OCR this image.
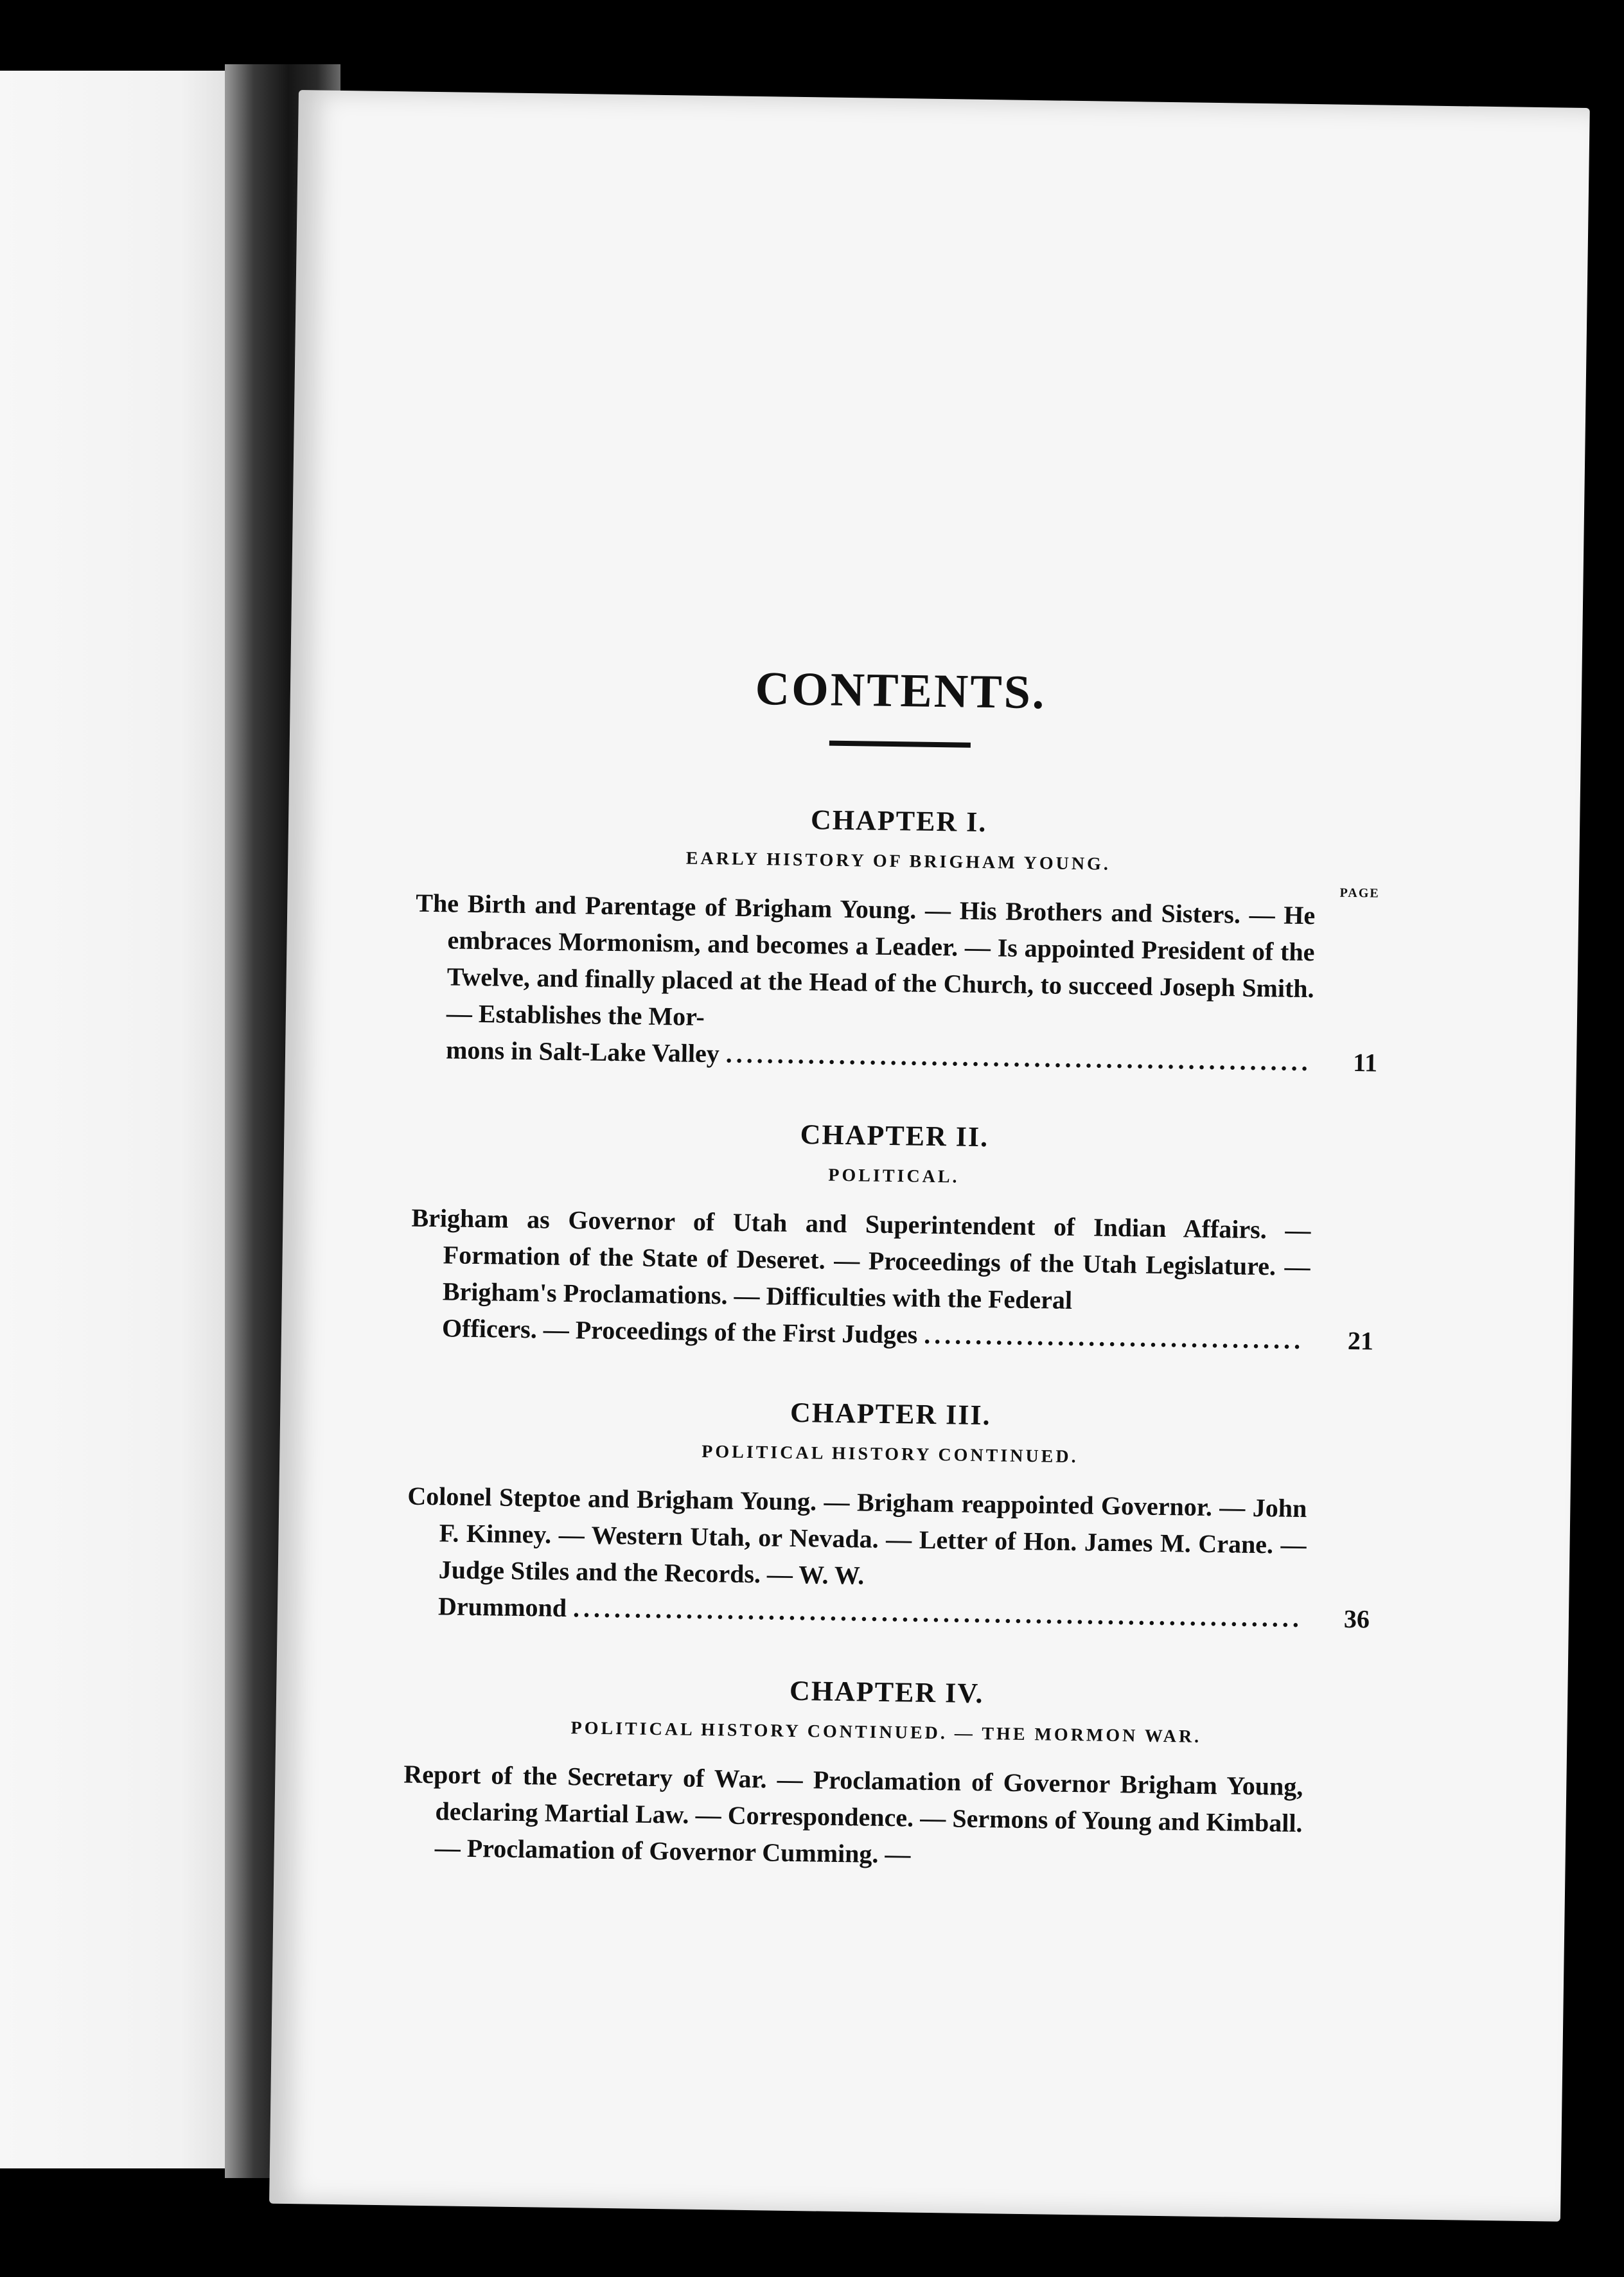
CONTENTS.
CHAPTER I.
EARLY HISTORY OF BRIGHAM YOUNG.
PAGE
The Birth and Parentage of Brigham Young. — His Brothers and Sisters. — He embraces Mormonism, and becomes a Leader. — Is appointed President of the Twelve, and finally placed at the Head of the Church, to succeed Joseph Smith. — Establishes the Mor-
mons in Salt-Lake Valley . . .	11
CHAPTER II.
POLITICAL.
Brigham as Governor of Utah and Superintendent of Indian Affairs. — Formation of the State of Deseret. — Proceedings of the Utah Legislature. — Brigham's Proclamations. — Difficulties with the Federal
Officers. — Proceedings of the First Judges . . .	21
CHAPTER III.
POLITICAL HISTORY CONTINUED.
Colonel Steptoe and Brigham Young. — Brigham reappointed Governor. — John F. Kinney. — Western Utah, or Nevada. — Letter of Hon. James M. Crane. — Judge Stiles and the Records. — W. W.
Drummond . . .	36
CHAPTER IV.
POLITICAL HISTORY CONTINUED. — THE MORMON WAR.
Report of the Secretary of War. — Proclamation of Governor Brigham Young, declaring Martial Law. — Correspondence. — Sermons of Young and Kimball. — Proclamation of Governor Cumming. —
